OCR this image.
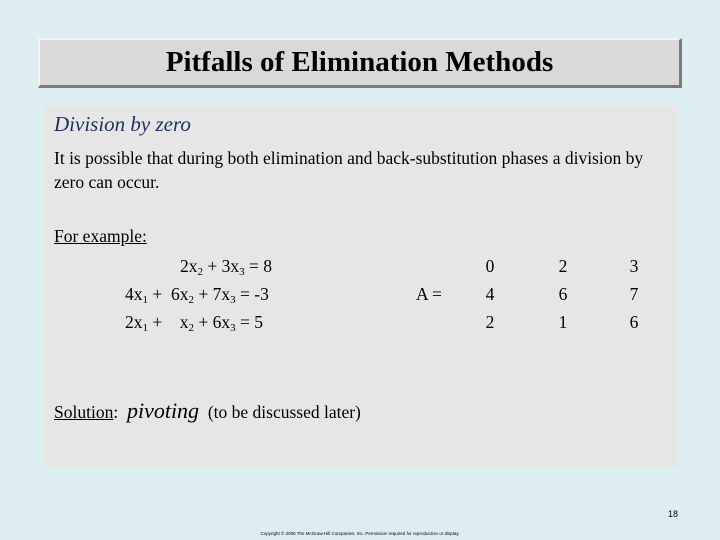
Pitfalls of Elimination Methods
Division by zero
It is possible that during both elimination and back-substitution phases a division by zero can occur.
For example:
$2x_2 + 3x_3 = 8$
$4x_1 + 6x_2 + 7x_3 = -3$
$2x_1$ +    $x_2 + 6x_3 = 5$
A =
0	2	3
4	6	7
2	1	6
Solution: pivoting (to be discussed later)
18
Copyright © 2006 The McGraw-Hill Companies, Inc. Permission required for reproduction or display.
